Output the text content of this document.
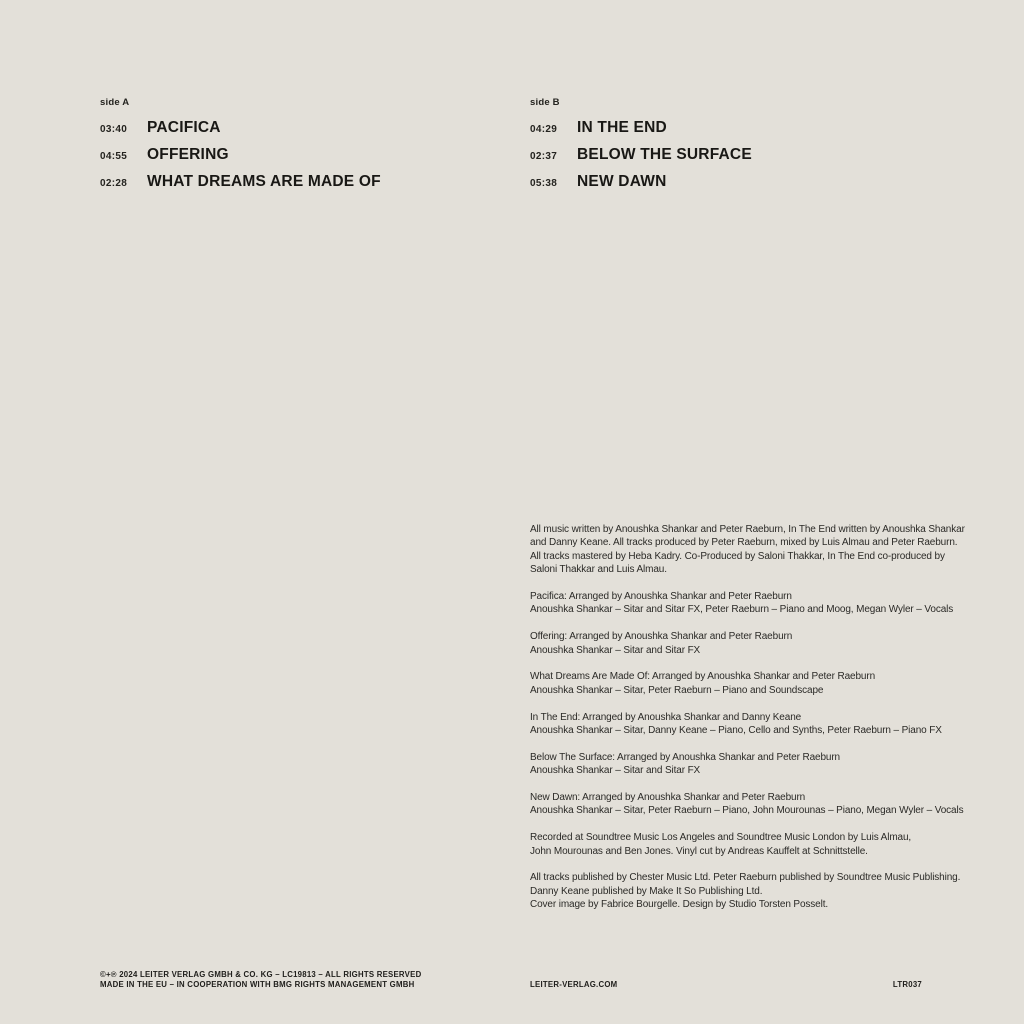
side A
03:40	PACIFICA
04:55	OFFERING
02:28	WHAT DREAMS ARE MADE OF
side B
04:29	IN THE END
02:37	BELOW THE SURFACE
05:38	NEW DAWN
All music written by Anoushka Shankar and Peter Raeburn, In The End written by Anoushka Shankar
and Danny Keane. All tracks produced by Peter Raeburn, mixed by Luis Almau and Peter Raeburn.
All tracks mastered by Heba Kadry. Co-Produced by Saloni Thakkar, In The End co-produced by
Saloni Thakkar and Luis Almau.
Pacifica: Arranged by Anoushka Shankar and Peter Raeburn
Anoushka Shankar – Sitar and Sitar FX, Peter Raeburn – Piano and Moog, Megan Wyler – Vocals
Offering: Arranged by Anoushka Shankar and Peter Raeburn
Anoushka Shankar – Sitar and Sitar FX
What Dreams Are Made Of: Arranged by Anoushka Shankar and Peter Raeburn
Anoushka Shankar – Sitar, Peter Raeburn – Piano and Soundscape
In The End: Arranged by Anoushka Shankar and Danny Keane
Anoushka Shankar – Sitar, Danny Keane – Piano, Cello and Synths, Peter Raeburn – Piano FX
Below The Surface: Arranged by Anoushka Shankar and Peter Raeburn
Anoushka Shankar – Sitar and Sitar FX
New Dawn: Arranged by Anoushka Shankar and Peter Raeburn
Anoushka Shankar – Sitar, Peter Raeburn – Piano, John Mourounas – Piano, Megan Wyler – Vocals
Recorded at Soundtree Music Los Angeles and Soundtree Music London by Luis Almau,
John Mourounas and Ben Jones. Vinyl cut by Andreas Kauffelt at Schnittstelle.
All tracks published by Chester Music Ltd. Peter Raeburn published by Soundtree Music Publishing.
Danny Keane published by Make It So Publishing Ltd.
Cover image by Fabrice Bourgelle. Design by Studio Torsten Posselt.
©+℗ 2024 LEITER VERLAG GMBH & CO. KG – LC19813 – ALL RIGHTS RESERVED
MADE IN THE EU – IN COOPERATION WITH BMG RIGHTS MANAGEMENT GMBH	LEITER-VERLAG.COM	LTR037
